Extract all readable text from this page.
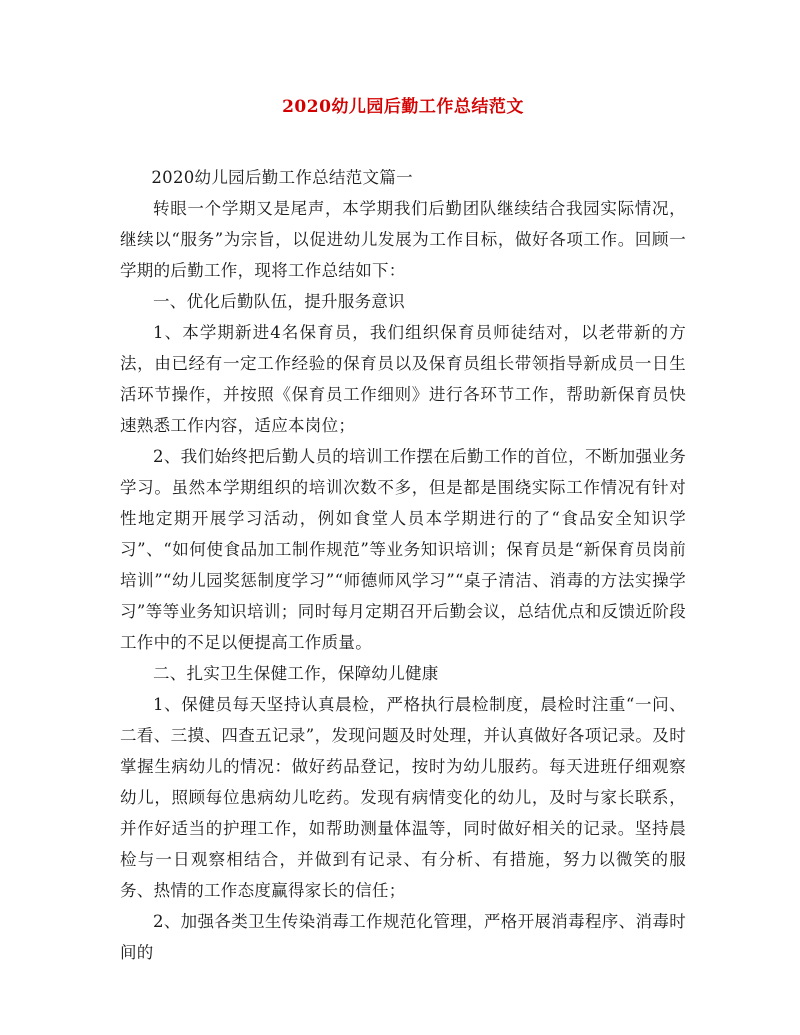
2020幼儿园后勤工作总结范文

2020幼儿园后勤工作总结范文篇一

转眼一个学期又是尾声，本学期我们后勤团队继续结合我园实际情况，继续以“服务”为宗旨，以促进幼儿发展为工作目标，做好各项工作。回顾一学期的后勤工作，现将工作总结如下：

一、优化后勤队伍，提升服务意识

1、本学期新进4名保育员，我们组织保育员师徒结对，以老带新的方法，由已经有一定工作经验的保育员以及保育员组长带领指导新成员一日生活环节操作，并按照《保育员工作细则》进行各环节工作，帮助新保育员快速熟悉工作内容，适应本岗位；

2、我们始终把后勤人员的培训工作摆在后勤工作的首位，不断加强业务学习。虽然本学期组织的培训次数不多，但是都是围绕实际工作情况有针对性地定期开展学习活动，例如食堂人员本学期进行的了“食品安全知识学习”、“如何使食品加工制作规范”等业务知识培训；保育员是“新保育员岗前培训”“幼儿园奖惩制度学习”“师德师风学习”“桌子清洁、消毒的方法实操学习”等等业务知识培训；同时每月定期召开后勤会议，总结优点和反馈近阶段工作中的不足以便提高工作质量。

二、扎实卫生保健工作，保障幼儿健康

1、保健员每天坚持认真晨检，严格执行晨检制度，晨检时注重“一问、二看、三摸、四查五记录”，发现问题及时处理，并认真做好各项记录。及时掌握生病幼儿的情况：做好药品登记，按时为幼儿服药。每天进班仔细观察幼儿，照顾每位患病幼儿吃药。发现有病情变化的幼儿，及时与家长联系，并作好适当的护理工作，如帮助测量体温等，同时做好相关的记录。坚持晨检与一日观察相结合，并做到有记录、有分析、有措施，努力以微笑的服务、热情的工作态度赢得家长的信任；

2、加强各类卫生传染消毒工作规范化管理，严格开展消毒程序、消毒时间的
